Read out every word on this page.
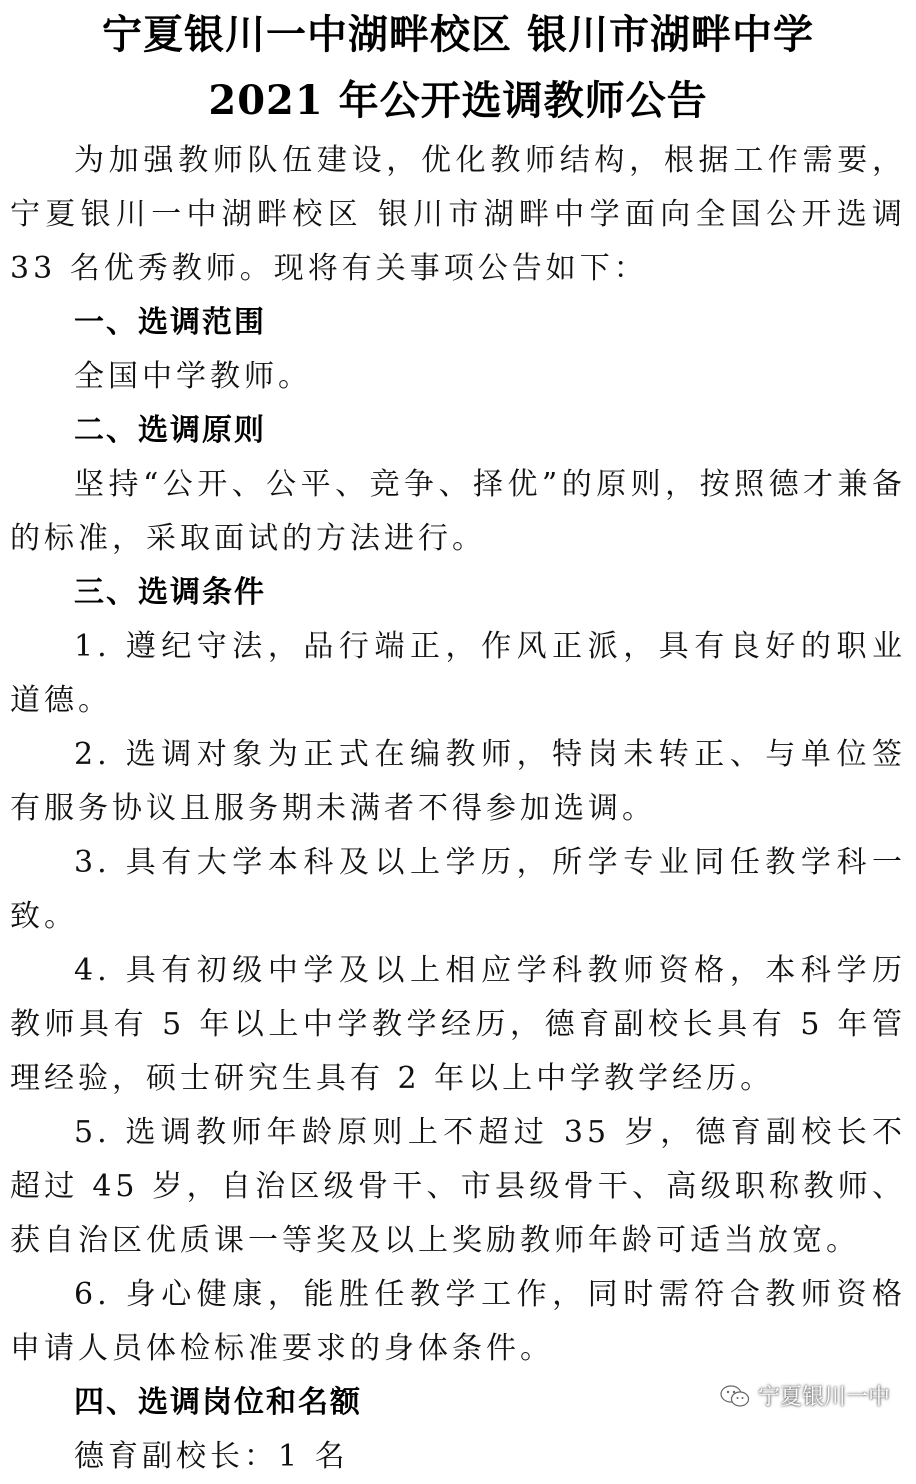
宁夏银川一中湖畔校区 银川市湖畔中学
2021 年公开选调教师公告

为加强教师队伍建设，优化教师结构，根据工作需要，宁夏银川一中湖畔校区 银川市湖畔中学面向全国公开选调 33 名优秀教师。现将有关事项公告如下：

一、选调范围

全国中学教师。

二、选调原则

坚持“公开、公平、竞争、择优”的原则，按照德才兼备的标准，采取面试的方法进行。

三、选调条件

1. 遵纪守法，品行端正，作风正派，具有良好的职业道德。

2. 选调对象为正式在编教师，特岗未转正、与单位签有服务协议且服务期未满者不得参加选调。

3. 具有大学本科及以上学历，所学专业同任教学科一致。

4. 具有初级中学及以上相应学科教师资格，本科学历教师具有 5 年以上中学教学经历，德育副校长具有 5 年管理经验，硕士研究生具有 2 年以上中学教学经历。

5. 选调教师年龄原则上不超过 35 岁，德育副校长不超过 45 岁，自治区级骨干、市县级骨干、高级职称教师、获自治区优质课一等奖及以上奖励教师年龄可适当放宽。

6. 身心健康，能胜任教学工作，同时需符合教师资格申请人员体检标准要求的身体条件。

四、选调岗位和名额

德育副校长：1 名

宁夏银川一中
